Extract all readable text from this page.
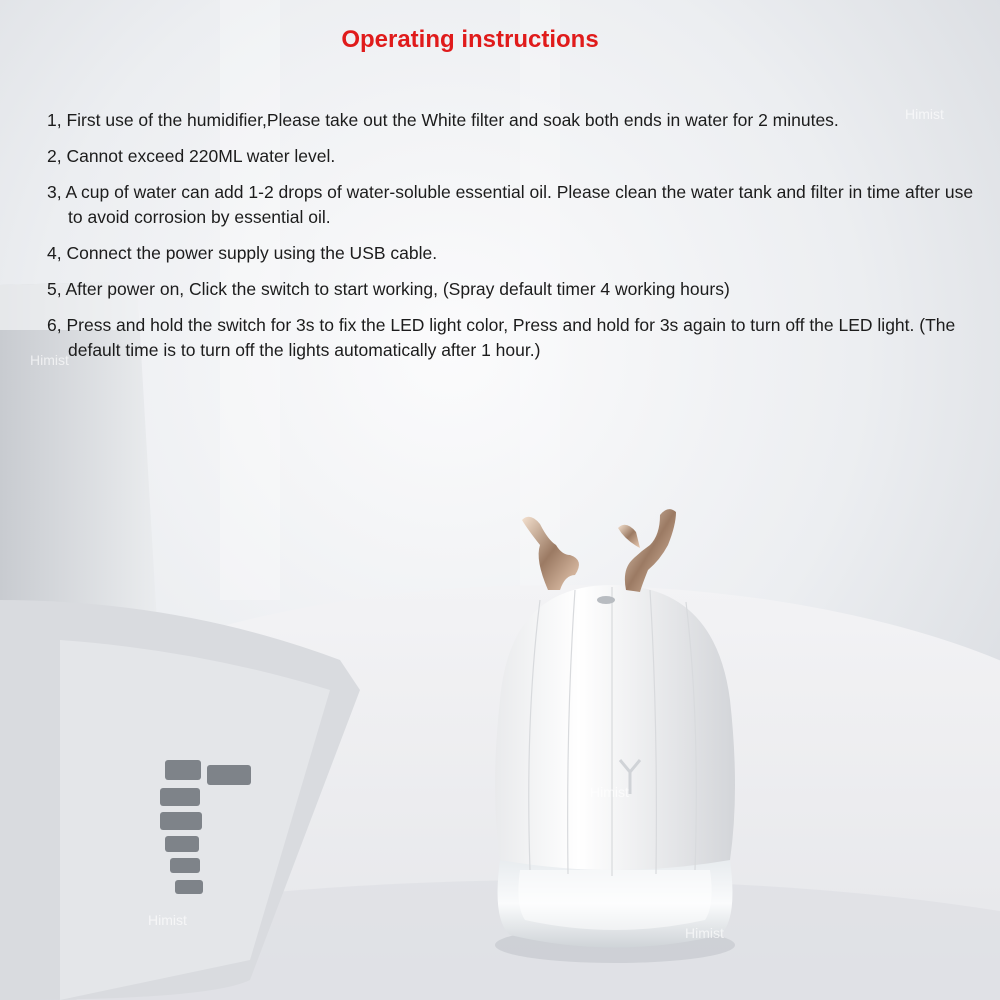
Operating instructions
1, First use of the humidifier,Please take out the White filter and soak both ends in water for 2 minutes.
2, Cannot exceed 220ML water level.
3, A cup of water can add 1-2 drops of water-soluble essential oil. Please clean the water tank and filter in time after use to avoid corrosion by essential oil.
4, Connect the power supply using the USB cable.
5, After power on, Click the switch to start working, (Spray default timer 4 working hours)
6, Press and hold the switch for 3s to fix the LED light color, Press and hold for 3s again to turn off the LED light. (The default time is to turn off the lights automatically after 1 hour.)
Himist
Himist
Himist
Himist
Himist
